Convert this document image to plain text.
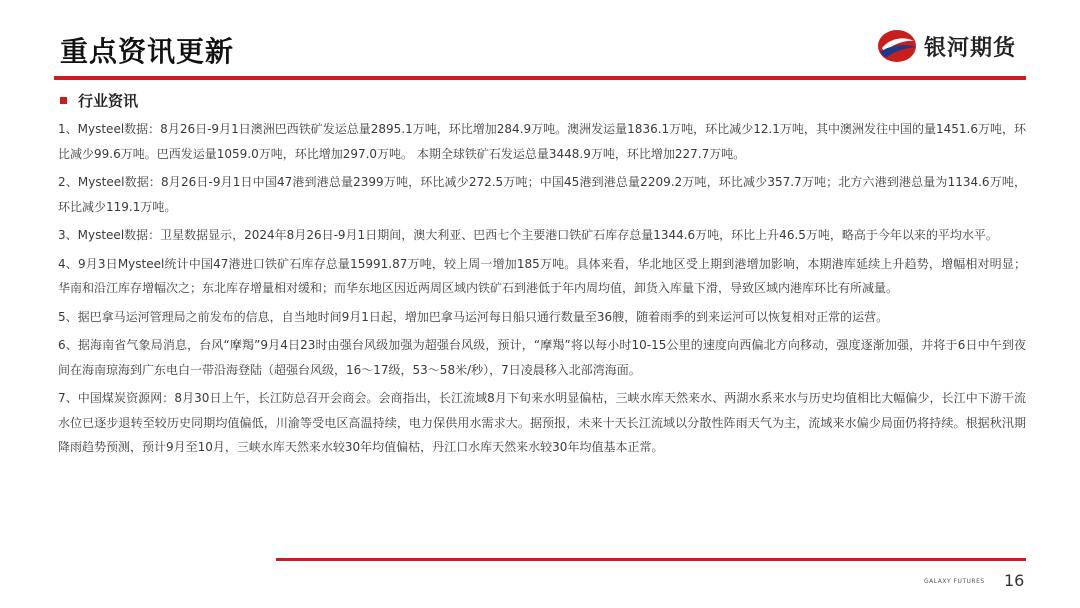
重点资讯更新	银河期货
行业资讯

1、Mysteel数据：8月26日-9月1日澳洲巴西铁矿发运总量2895.1万吨，环比增加284.9万吨。澳洲发运量1836.1万吨，环比减少12.1万吨，其中澳洲发往中国的量1451.6万吨，环比减少99.6万吨。巴西发运量1059.0万吨，环比增加297.0万吨。 本期全球铁矿石发运总量3448.9万吨，环比增加227.7万吨。

2、Mysteel数据：8月26日-9月1日中国47港到港总量2399万吨，环比减少272.5万吨；中国45港到港总量2209.2万吨，环比减少357.7万吨；北方六港到港总量为1134.6万吨，环比减少119.1万吨。

3、Mysteel数据：卫星数据显示，2024年8月26日-9月1日期间，澳大利亚、巴西七个主要港口铁矿石库存总量1344.6万吨，环比上升46.5万吨，略高于今年以来的平均水平。

4、9月3日Mysteel统计中国47港进口铁矿石库存总量15991.87万吨，较上周一增加185万吨。具体来看，华北地区受上期到港增加影响，本期港库延续上升趋势，增幅相对明显；华南和沿江库存增幅次之；东北库存增量相对缓和；而华东地区因近两周区域内铁矿石到港低于年内周均值，卸货入库量下滑，导致区域内港库环比有所减量。

5、据巴拿马运河管理局之前发布的信息，自当地时间9月1日起，增加巴拿马运河每日船只通行数量至36艘，随着雨季的到来运河可以恢复相对正常的运营。

6、据海南省气象局消息，台风“摩羯”9月4日23时由强台风级加强为超强台风级，预计，“摩羯”将以每小时10-15公里的速度向西偏北方向移动，强度逐渐加强，并将于6日中午到夜间在海南琼海到广东电白一带沿海登陆（超强台风级，16～17级，53～58米/秒），7日凌晨移入北部湾海面。

7、中国煤炭资源网：8月30日上午，长江防总召开会商会。会商指出，长江流域8月下旬来水明显偏枯，三峡水库天然来水、两湖水系来水与历史均值相比大幅偏少，长江中下游干流水位已逐步退转至较历史同期均值偏低，川渝等受电区高温持续，电力保供用水需求大。据预报，未来十天长江流域以分散性阵雨天气为主，流域来水偏少局面仍将持续。根据秋汛期降雨趋势预测，预计9月至10月，三峡水库天然来水较30年均值偏枯，丹江口水库天然来水较30年均值基本正常。

GALAXY FUTURES 16
